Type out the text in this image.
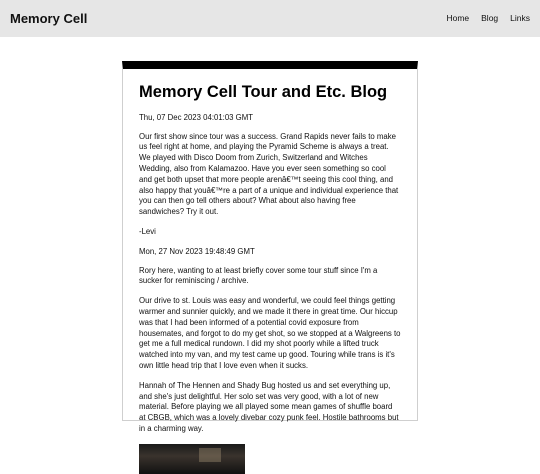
Memory Cell	Home Blog Links
Memory Cell Tour and Etc. Blog
Thu, 07 Dec 2023 04:01:03 GMT

Our first show since tour was a success. Grand Rapids never fails to make us feel right at home, and playing the Pyramid Scheme is always a treat. We played with Disco Doom from Zurich, Switzerland and Witches Wedding, also from Kalamazoo. Have you ever seen something so cool and get both upset that more people arenâ€™t seeing this cool thing, and also happy that youâ€™re a part of a unique and individual experience that you can then go tell others about? What about also having free sandwiches? Try it out.

-Levi

Mon, 27 Nov 2023 19:48:49 GMT

Rory here, wanting to at least briefly cover some tour stuff since I'm a sucker for reminiscing / archive.

Our drive to st. Louis was easy and wonderful, we could feel things getting warmer and sunnier quickly, and we made it there in great time. Our hiccup was that I had been informed of a potential covid exposure from housemates, and forgot to do my get shot, so we stopped at a Walgreens to get me a full medical rundown. I did my shot poorly while a lifted truck watched into my van, and my test came up good. Touring while trans is it's own little head trip that I love even when it sucks.

Hannah of The Hennen and Shady Bug hosted us and set everything up, and she's just delightful. Her solo set was very good, with a lot of new material. Before playing we all played some mean games of shuffle board at CBGB, which was a lovely divebar cozy punk feel. Hostile bathrooms but in a charming way.
